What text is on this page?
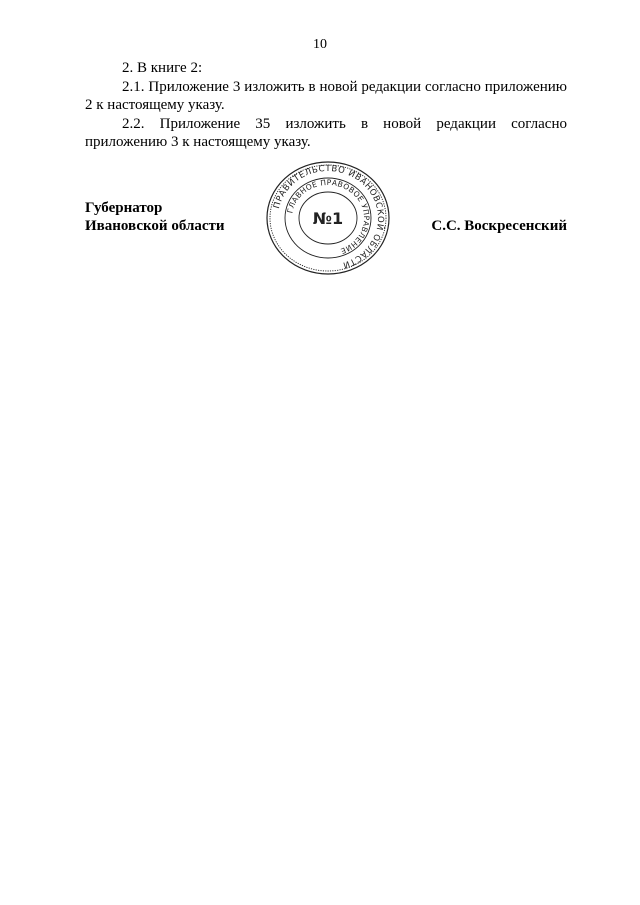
10

2. В книге 2:

2.1. Приложение 3 изложить в новой редакции согласно приложению 2 к настоящему указу.

2.2. Приложение 35 изложить в новой редакции согласно приложению 3 к настоящему указу.

Губернатор
Ивановской области	С.С. Воскресенский
ПРАВИТЕЛЬСТВО ИВАНОВСКОЙ ОБЛАСТИ
ГЛАВНОЕ ПРАВОВОЕ УПРАВЛЕНИЕ
№1
